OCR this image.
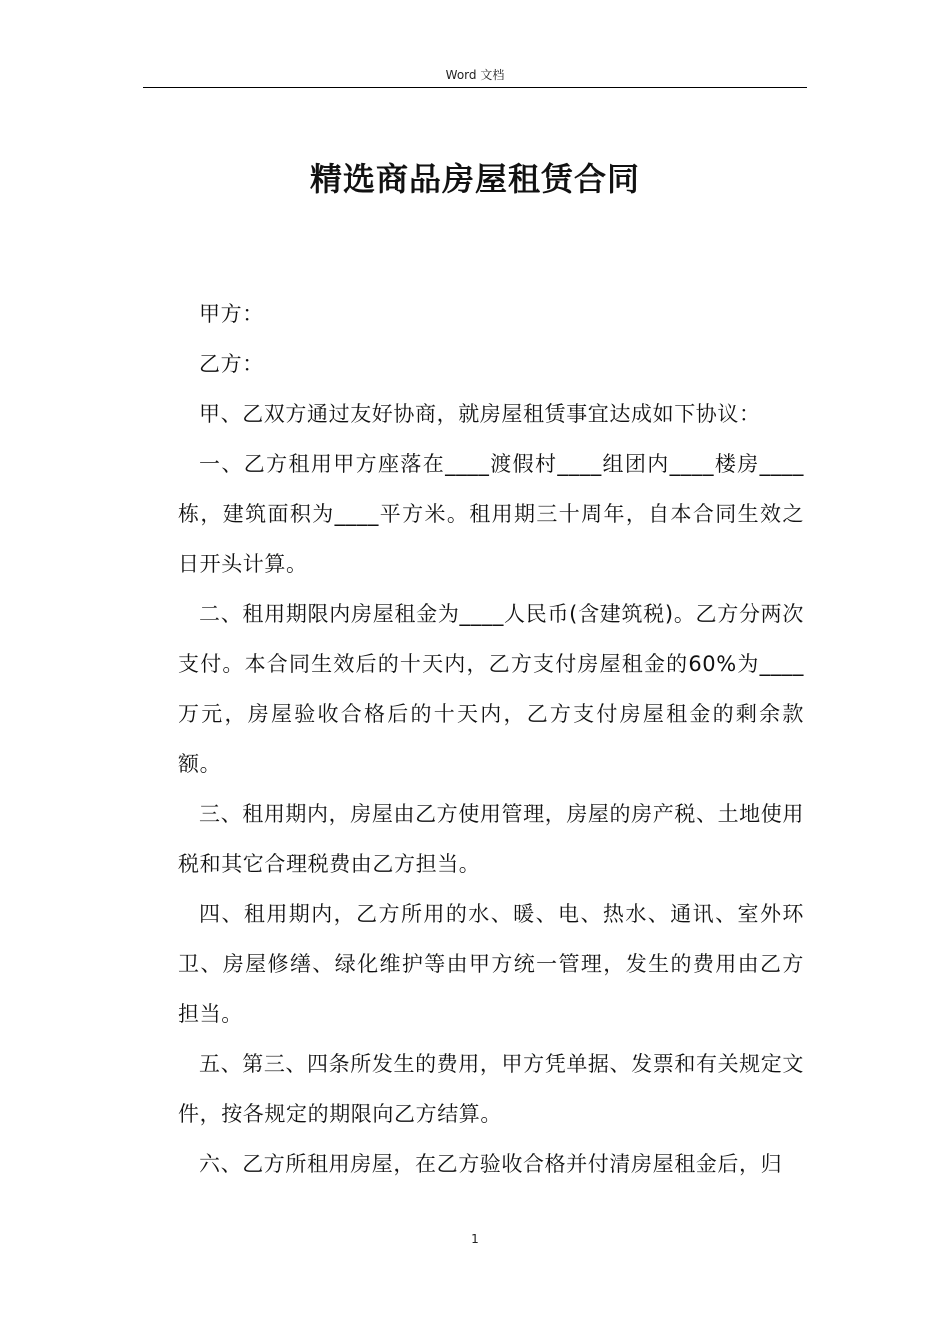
Word 文档
精选商品房屋租赁合同

甲方：

乙方：

甲、乙双方通过友好协商，就房屋租赁事宜达成如下协议：

一、乙方租用甲方座落在____渡假村____组团内____楼房____栋，建筑面积为____平方米。租用期三十周年，自本合同生效之日开头计算。

二、租用期限内房屋租金为____人民币(含建筑税)。乙方分两次支付。本合同生效后的十天内，乙方支付房屋租金的60%为____万元，房屋验收合格后的十天内，乙方支付房屋租金的剩余款额。

三、租用期内，房屋由乙方使用管理，房屋的房产税、土地使用税和其它合理税费由乙方担当。

四、租用期内，乙方所用的水、暖、电、热水、通讯、室外环卫、房屋修缮、绿化维护等由甲方统一管理，发生的费用由乙方担当。

五、第三、四条所发生的费用，甲方凭单据、发票和有关规定文件，按各规定的期限向乙方结算。

六、乙方所租用房屋，在乙方验收合格并付清房屋租金后，归

1
